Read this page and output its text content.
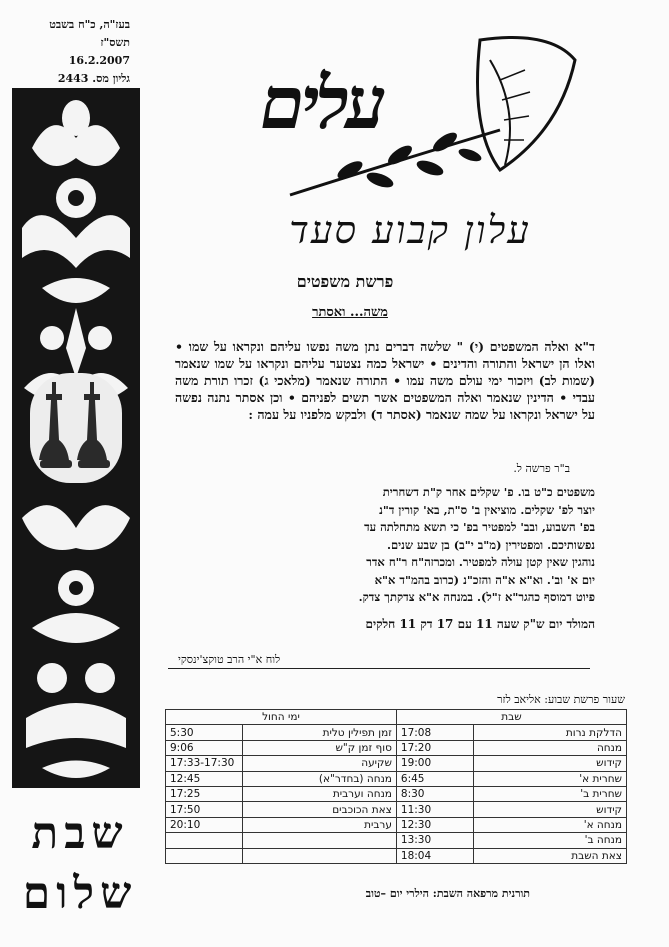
בעז"ה, כ"ח בשבט תשס"ז
16.2.2007
גליון מס. 2443
שבת
שלום
עלים
עלון קבוע סעד
פרשת משפטים
משה... ואסתר
ד"א ואלה המשפטים (י) " שלשה דברים נתן משה נפשו עליהם ונקראו על שמו • ואלו הן ישראל והתורה והדינים • ישראל כמה נצטער עליהם ונקראו על שמו שנאמר (שמות לב) ויזכור ימי עולם משה עמו • התורה שנאמר (מלאכי ג) זכרו תורת משה עבדי • הדינין שנאמר ואלה המשפטים אשר תשים לפניהם • וכן אסתר נתנה נפשה על ישראל ונקראו על שמה שנאמר (אסתר ד) ולבקש מלפניו על עמה :
ב"ר פרשה ל.
משפטים כ"ט בו. פ' שקלים אחר ק"ת דשחרית
יוצר לפ' שקלים. מוציאין ב' ס"ת, בא' קורין ד"נ
בפ' השבוע, ובב' למפטיר בפ' כי תשא מתחלתה עד
נפשותיכם. ומפטירין (מ"ב י"ב) בן שבע שנים.
נוהגין שאין קטן עולה למפטיר. ומכרזה"ח ר"ח אדר
יום א' וב'. וא"א א"ה והזכ"נ (כרוב בהמ"ד א"א
פיוט דמוסף כהגר"א ז"ל). במנחה א"א צדקתך צדק.
המולד יום ש"ק שעה 11 עם 17 דק 11 חלקים
לוח א"י הרב טוקצ'ינסקי
שעור פרשת שבוע: אליאב לזר
שבת		ימי החול	
הדלקת נרות	17:08	זמן תפילין טלית	5:30
מנחה	17:20	סוף זמן ק"ש	9:06
קידוש	19:00	שקיעה	17:33-17:30
שחרית א'	6:45	מנחה (בחדר"א)	12:45
שחרית ב'	8:30	מנחה וערבית	17:25
קידוש	11:30	צאת הכוכבים	17:50
מנחה א'	12:30	ערבית	20:10
מנחה ב'	13:30		
צאת השבת	18:04		
תורנית מרפאה השבת: הילרי יום –טוב
